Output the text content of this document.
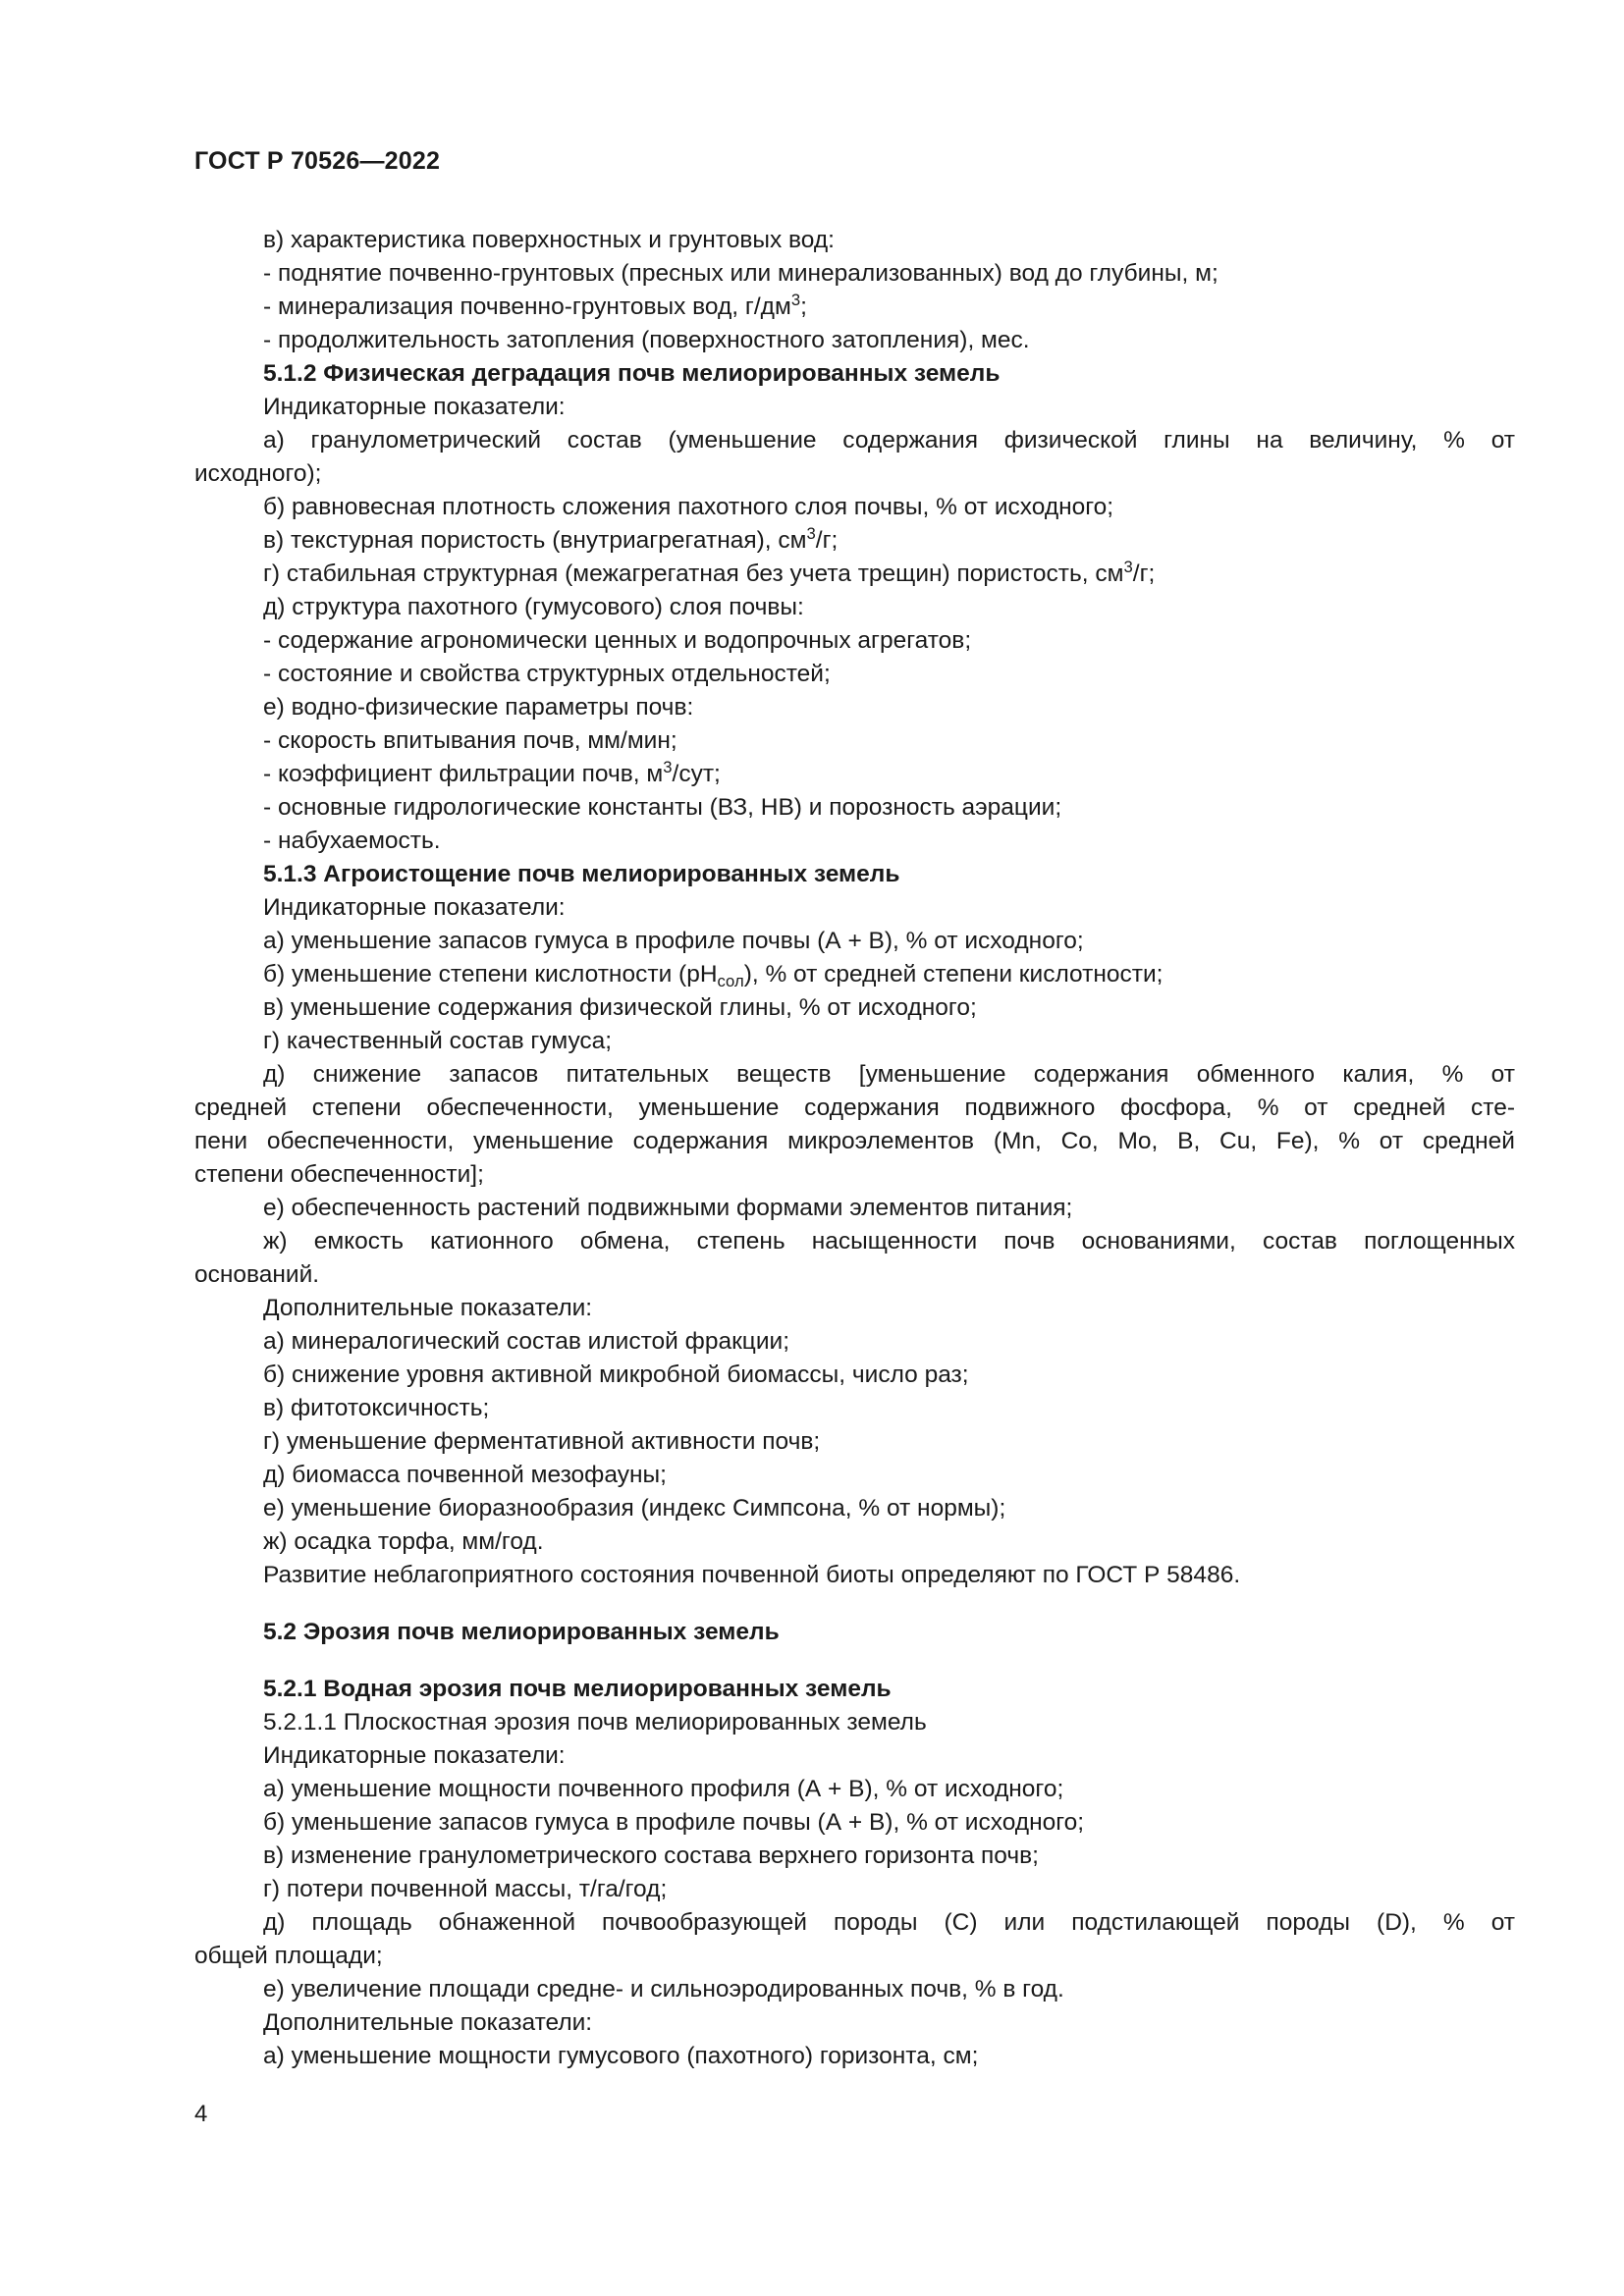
ГОСТ Р 70526—2022

в) характеристика поверхностных и грунтовых вод:

- поднятие почвенно-грунтовых (пресных или минерализованных) вод до глубины, м;

- минерализация почвенно-грунтовых вод, $г/дм^3$;

- продолжительность затопления (поверхностного затопления), мес.

5.1.2 Физическая деградация почв мелиорированных земель

Индикаторные показатели:

а) гранулометрический состав (уменьшение содержания физической глины на величину, % от

исходного);

б) равновесная плотность сложения пахотного слоя почвы, % от исходного;

в) текстурная пористость (внутриагрегатная), $см^3/г$;

г) стабильная структурная (межагрегатная без учета трещин) пористость, $см^3/г$;

д) структура пахотного (гумусового) слоя почвы:

- содержание агрономически ценных и водопрочных агрегатов;

- состояние и свойства структурных отдельностей;

е) водно-физические параметры почв:

- скорость впитывания почв, мм/мин;

- коэффициент фильтрации почв, $м^3$/сут;

- основные гидрологические константы (ВЗ, НВ) и порозность аэрации;

- набухаемость.

5.1.3 Агроистощение почв мелиорированных земель

Индикаторные показатели:

а) уменьшение запасов гумуса в профиле почвы (А + В), % от исходного;

б) уменьшение степени кислотности $(pH_{сол})$, % от средней степени кислотности;

в) уменьшение содержания физической глины, % от исходного;

г) качественный состав гумуса;

д) снижение запасов питательных веществ [уменьшение содержания обменного калия, % от

средней степени обеспеченности, уменьшение содержания подвижного фосфора, % от средней сте-

пени обеспеченности, уменьшение содержания микроэлементов (Mn, Co, Mo, B, Cu, Fe), % от средней

степени обеспеченности];

е) обеспеченность растений подвижными формами элементов питания;

ж) емкость катионного обмена, степень насыщенности почв основаниями, состав поглощенных

оснований.

Дополнительные показатели:

а) минералогический состав илистой фракции;

б) снижение уровня активной микробной биомассы, число раз;

в) фитотоксичность;

г) уменьшение ферментативной активности почв;

д) биомасса почвенной мезофауны;

е) уменьшение биоразнообразия (индекс Симпсона, % от нормы);

ж) осадка торфа, мм/год.

Развитие неблагоприятного состояния почвенной биоты определяют по ГОСТ Р 58486.

5.2 Эрозия почв мелиорированных земель

5.2.1 Водная эрозия почв мелиорированных земель

5.2.1.1 Плоскостная эрозия почв мелиорированных земель

Индикаторные показатели:

а) уменьшение мощности почвенного профиля (А + В), % от исходного;

б) уменьшение запасов гумуса в профиле почвы (А + В), % от исходного;

в) изменение гранулометрического состава верхнего горизонта почв;

г) потери почвенной массы, т/га/год;

д) площадь обнаженной почвообразующей породы (С) или подстилающей породы (D), % от

общей площади;

е) увеличение площади средне- и сильноэродированных почв, % в год.

Дополнительные показатели:

а) уменьшение мощности гумусового (пахотного) горизонта, см;

4
